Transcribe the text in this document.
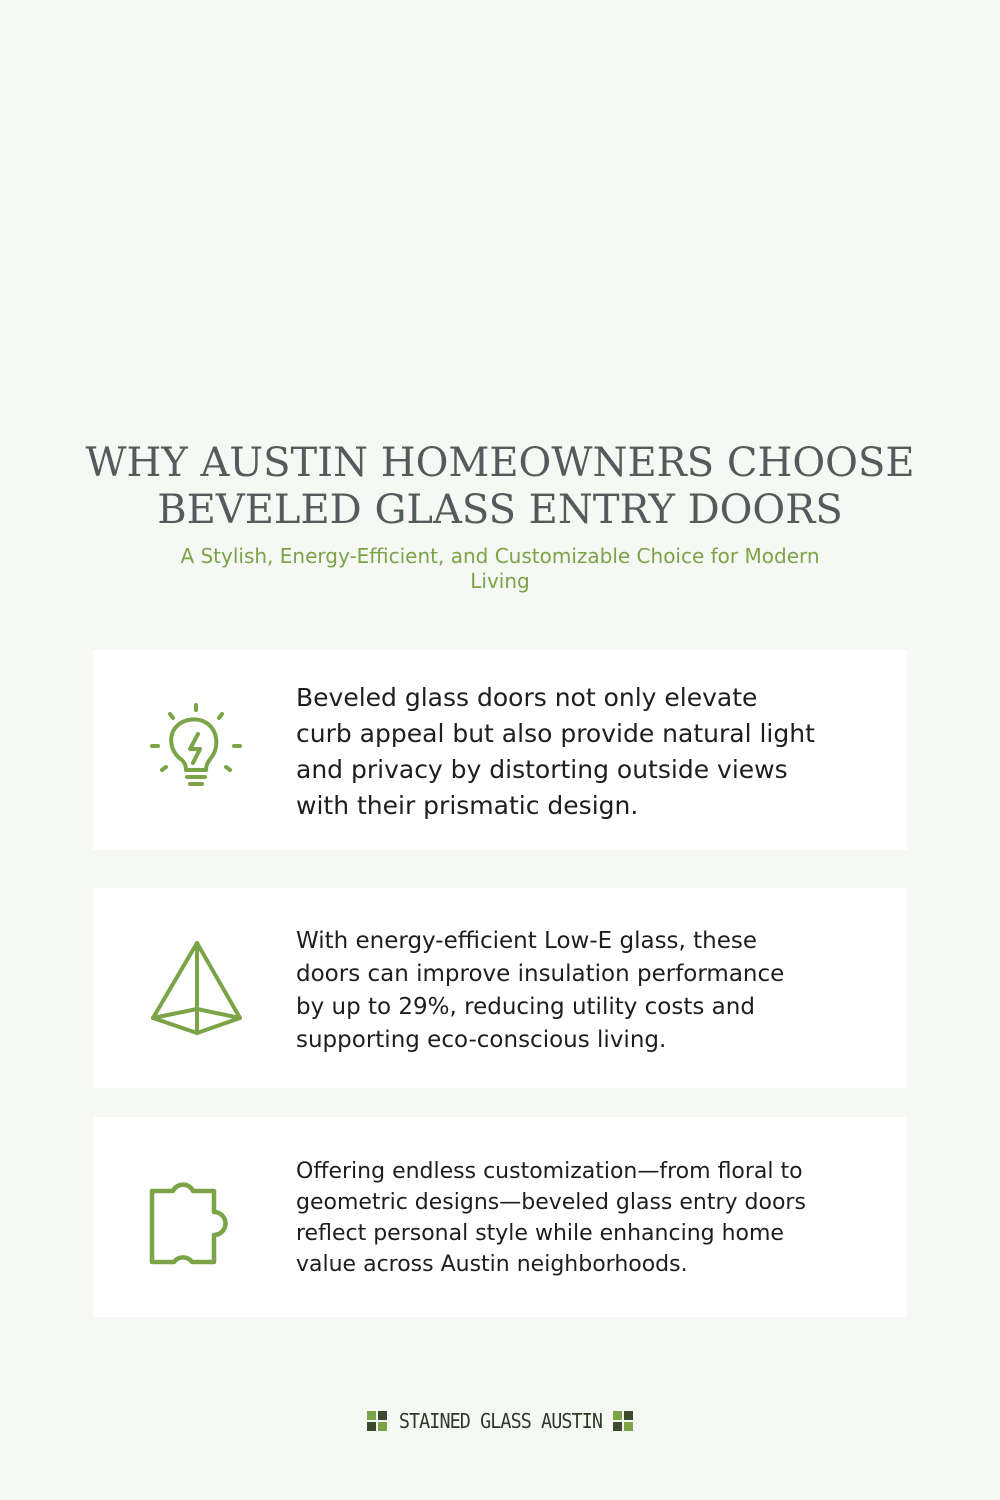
WHY AUSTIN HOMEOWNERS CHOOSE
BEVELED GLASS ENTRY DOORS

A Stylish, Energy-Efficient, and Customizable Choice for Modern Living

Beveled glass doors not only elevate curb appeal but also provide natural light and privacy by distorting outside views with their prismatic design.

With energy-efficient Low-E glass, these doors can improve insulation performance by up to 29%, reducing utility costs and supporting eco-conscious living.

Offering endless customization—from floral to geometric designs—beveled glass entry doors reflect personal style while enhancing home value across Austin neighborhoods.

STAINED GLASS AUSTIN
